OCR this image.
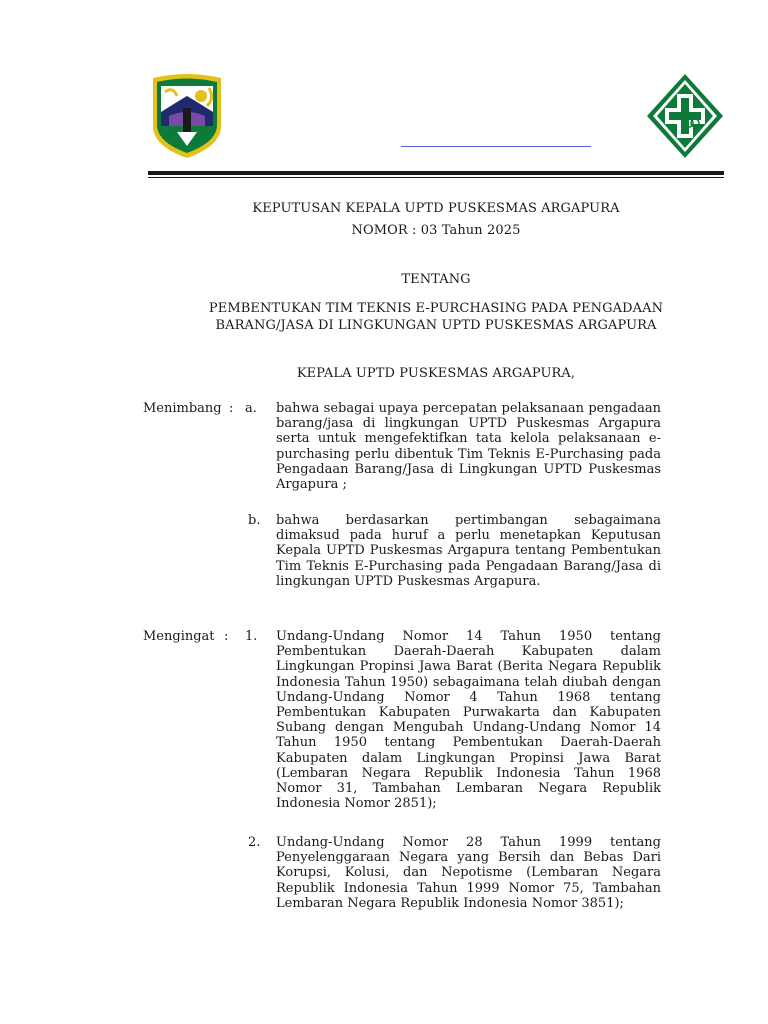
KEPUTUSAN KEPALA UPTD PUSKESMAS ARGAPURA
NOMOR : 03 Tahun 2025
TENTANG
PEMBENTUKAN TIM TEKNIS E-PURCHASING PADA PENGADAAN
BARANG/JASA DI LINGKUNGAN UPTD PUSKESMAS ARGAPURA
KEPALA UPTD PUSKESMAS ARGAPURA,
Menimbang : a. bahwa sebagai upaya percepatan pelaksanaan pengadaan barang/jasa di lingkungan UPTD Puskesmas Argapura serta untuk mengefektifkan tata kelola pelaksanaan e-purchasing perlu dibentuk Tim Teknis E-Purchasing pada Pengadaan Barang/Jasa di Lingkungan UPTD Puskesmas Argapura ;
b. bahwa berdasarkan pertimbangan sebagaimana dimaksud pada huruf a perlu menetapkan Keputusan Kepala UPTD Puskesmas Argapura tentang Pembentukan Tim Teknis E-Purchasing pada Pengadaan Barang/Jasa di lingkungan UPTD Puskesmas Argapura.
Mengingat : 1. Undang-Undang Nomor 14 Tahun 1950 tentang Pembentukan Daerah-Daerah Kabupaten dalam Lingkungan Propinsi Jawa Barat (Berita Negara Republik Indonesia Tahun 1950) sebagaimana telah diubah dengan Undang-Undang Nomor 4 Tahun 1968 tentang Pembentukan Kabupaten Purwakarta dan Kabupaten Subang dengan Mengubah Undang-Undang Nomor 14 Tahun 1950 tentang Pembentukan Daerah-Daerah Kabupaten dalam Lingkungan Propinsi Jawa Barat (Lembaran Negara Republik Indonesia Tahun 1968 Nomor 31, Tambahan Lembaran Negara Republik Indonesia Nomor 2851);
2. Undang-Undang Nomor 28 Tahun 1999 tentang Penyelenggaraan Negara yang Bersih dan Bebas Dari Korupsi, Kolusi, dan Nepotisme (Lembaran Negara Republik Indonesia Tahun 1999 Nomor 75, Tambahan Lembaran Negara Republik Indonesia Nomor 3851);
